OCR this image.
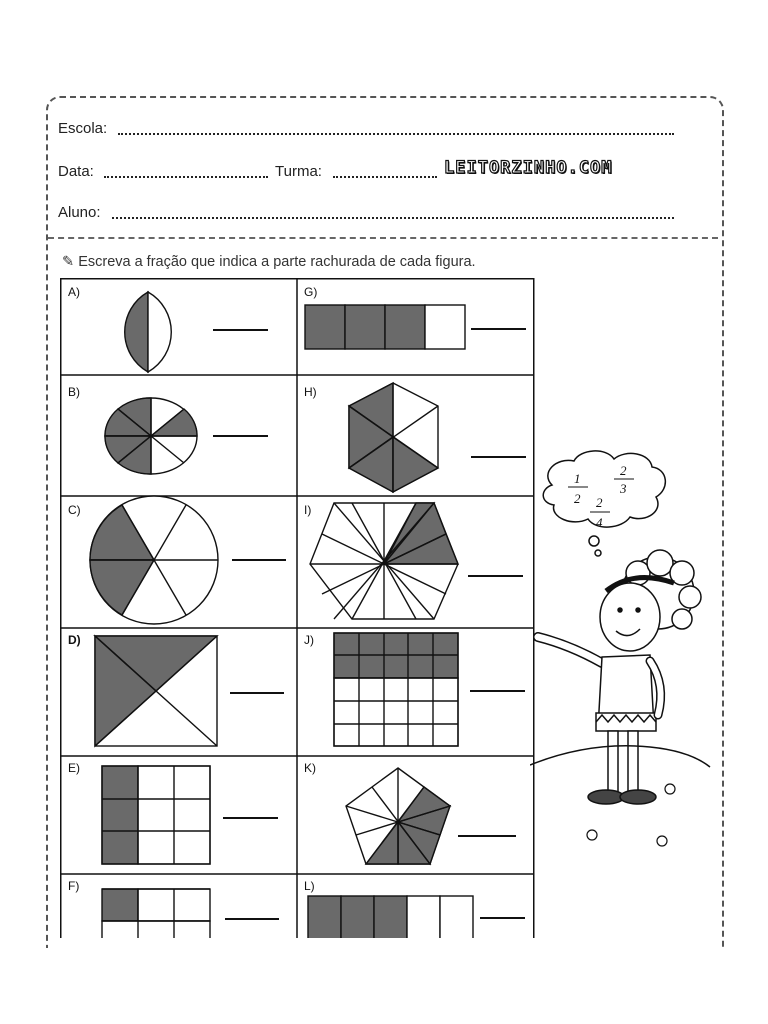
Escola:
Data:	Turma:	LEITORZINHO.COM
Aluno:
✎ Escreva a fração que indica a parte rachurada de cada figura.
A)	G)
B)	H)
C)	I)
D)	J)
E)	K)
F)	L)
1
2
2
3
2
4
